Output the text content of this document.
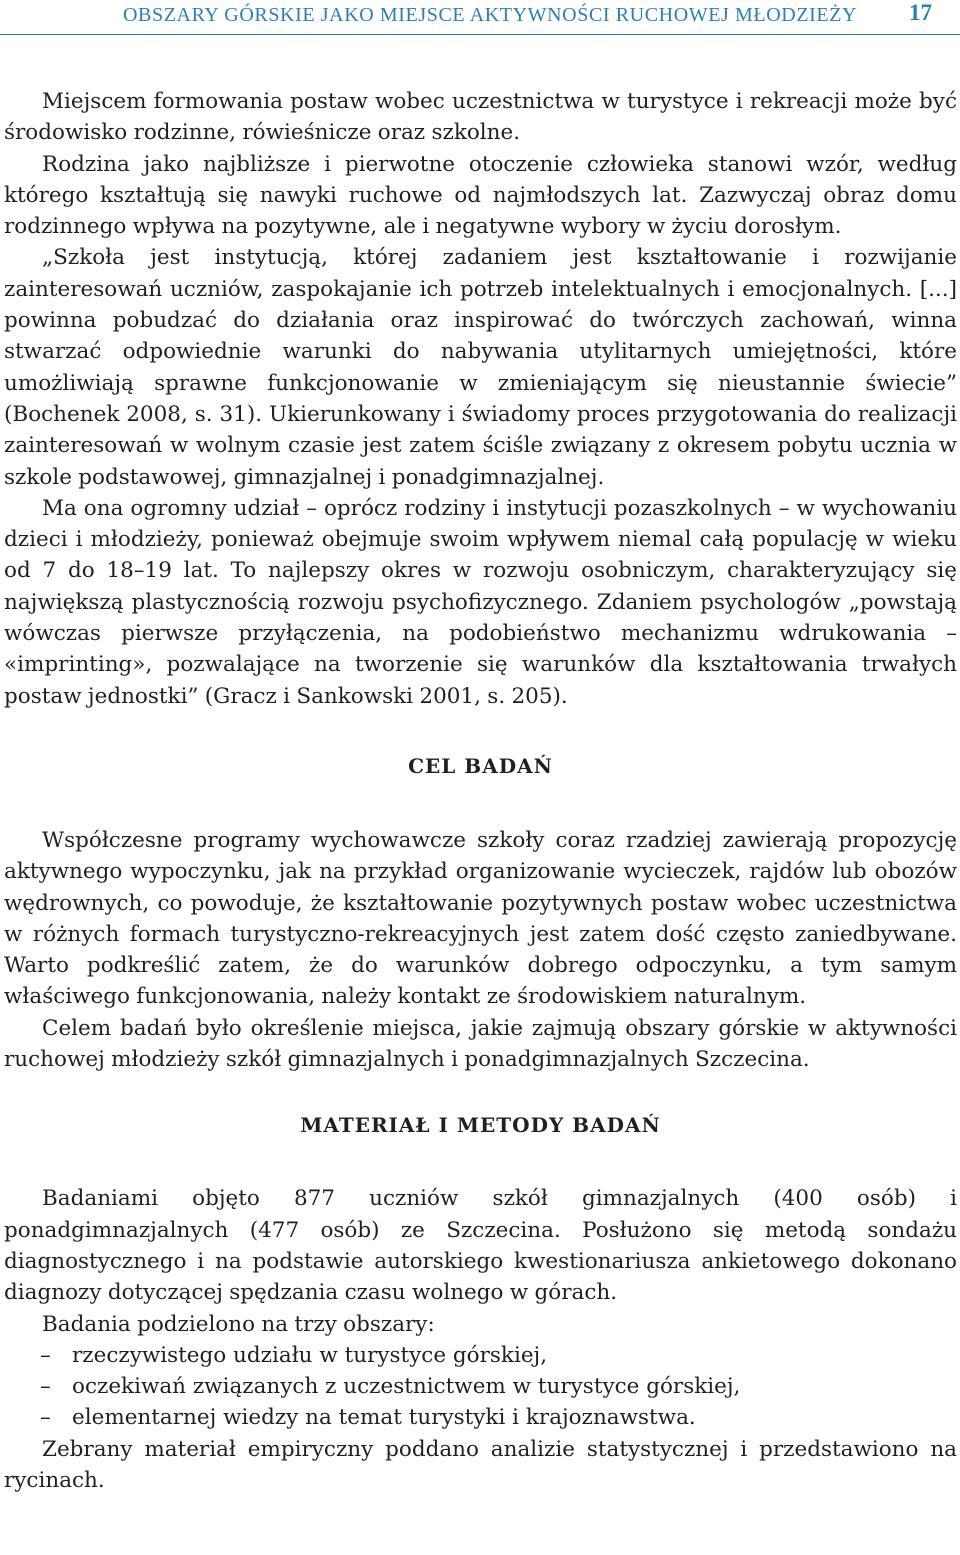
OBSZARY GÓRSKIE JAKO MIEJSCE AKTYWNOŚCI RUCHOWEJ MŁODZIEŻY 17

Miejscem formowania postaw wobec uczestnictwa w turystyce i rekreacji może być środowisko rodzinne, rówieśnicze oraz szkolne.

Rodzina jako najbliższe i pierwotne otoczenie człowieka stanowi wzór, według którego kształtują się nawyki ruchowe od najmłodszych lat. Zazwyczaj obraz domu rodzinnego wpływa na pozytywne, ale i negatywne wybory w życiu dorosłym.

„Szkoła jest instytucją, której zadaniem jest kształtowanie i rozwijanie zainteresowań uczniów, zaspokajanie ich potrzeb intelektualnych i emocjonalnych. [...] powinna pobudzać do działania oraz inspirować do twórczych zachowań, winna stwarzać odpowiednie warunki do nabywania utylitarnych umiejętności, które umożliwiają sprawne funkcjonowanie w zmieniającym się nieustannie świecie” (Bochenek 2008, s. 31). Ukierunkowany i świadomy proces przygotowania do realizacji zainteresowań w wolnym czasie jest zatem ściśle związany z okresem pobytu ucznia w szkole podstawowej, gimnazjalnej i ponadgimnazjalnej.

Ma ona ogromny udział – oprócz rodziny i instytucji pozaszkolnych – w wychowaniu dzieci i młodzieży, ponieważ obejmuje swoim wpływem niemal całą populację w wieku od 7 do 18–19 lat. To najlepszy okres w rozwoju osobniczym, charakteryzujący się największą plastycznością rozwoju psychofizycznego. Zdaniem psychologów „powstają wówczas pierwsze przyłączenia, na podobieństwo mechanizmu wdrukowania – «imprinting», pozwalające na tworzenie się warunków dla kształtowania trwałych postaw jednostki” (Gracz i Sankowski 2001, s. 205).

CEL BADAŃ

Współczesne programy wychowawcze szkoły coraz rzadziej zawierają propozycję aktywnego wypoczynku, jak na przykład organizowanie wycieczek, rajdów lub obozów wędrownych, co powoduje, że kształtowanie pozytywnych postaw wobec uczestnictwa w różnych formach turystyczno-rekreacyjnych jest zatem dość często zaniedbywane. Warto podkreślić zatem, że do warunków dobrego odpoczynku, a tym samym właściwego funkcjonowania, należy kontakt ze środowiskiem naturalnym.

Celem badań było określenie miejsca, jakie zajmują obszary górskie w aktywności ruchowej młodzieży szkół gimnazjalnych i ponadgimnazjalnych Szczecina.

MATERIAŁ I METODY BADAŃ

Badaniami objęto 877 uczniów szkół gimnazjalnych (400 osób) i ponadgimnazjalnych (477 osób) ze Szczecina. Posłużono się metodą sondażu diagnostycznego i na podstawie autorskiego kwestionariusza ankietowego dokonano diagnozy dotyczącej spędzania czasu wolnego w górach.

Badania podzielono na trzy obszary:

– rzeczywistego udziału w turystyce górskiej,
– oczekiwań związanych z uczestnictwem w turystyce górskiej,
– elementarnej wiedzy na temat turystyki i krajoznawstwa.

Zebrany materiał empiryczny poddano analizie statystycznej i przedstawiono na rycinach.
